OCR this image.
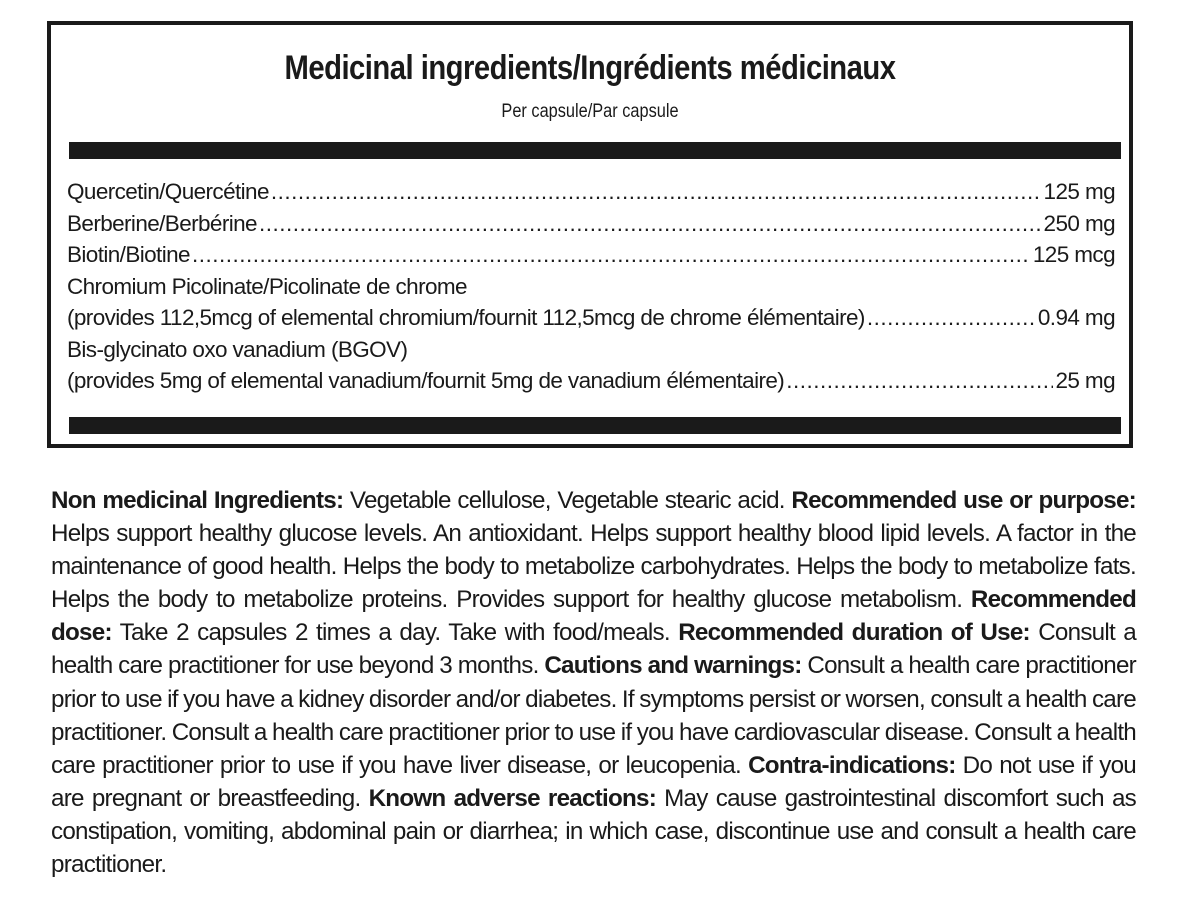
Medicinal ingredients/Ingrédients médicinaux
Per capsule/Par capsule
Quercetin/Quercétine .....	125 mg
Berberine/Berbérine .....	250 mg
Biotin/Biotine .....	125 mcg
Chromium Picolinate/Picolinate de chrome
(provides 112,5mcg of elemental chromium/fournit 112,5mcg de chrome élémentaire) .....	0.94 mg
Bis-glycinato oxo vanadium (BGOV)
(provides 5mg of elemental vanadium/fournit 5mg de vanadium élémentaire) .....	25 mg
Non medicinal Ingredients: Vegetable cellulose, Vegetable stearic acid. Recommended use or purpose: Helps support healthy glucose levels. An antioxidant. Helps support healthy blood lipid levels. A factor in the maintenance of good health. Helps the body to metabolize carbohydrates. Helps the body to metabolize fats. Helps the body to metabolize proteins. Provides support for healthy glucose metabolism. Recommended dose: Take 2 capsules 2 times a day. Take with food/meals. Recommended duration of Use: Consult a health care practitioner for use beyond 3 months. Cautions and warnings: Consult a health care practitioner prior to use if you have a kidney disorder and/or diabetes. If symptoms persist or worsen, consult a health care practitioner. Consult a health care practitioner prior to use if you have cardiovascular disease. Consult a health care practitioner prior to use if you have liver disease, or leucopenia. Contra-indications: Do not use if you are pregnant or breastfeeding. Known adverse reactions: May cause gastrointestinal discomfort such as constipation, vomiting, abdominal pain or diarrhea; in which case, discontinue use and consult a health care practitioner.
